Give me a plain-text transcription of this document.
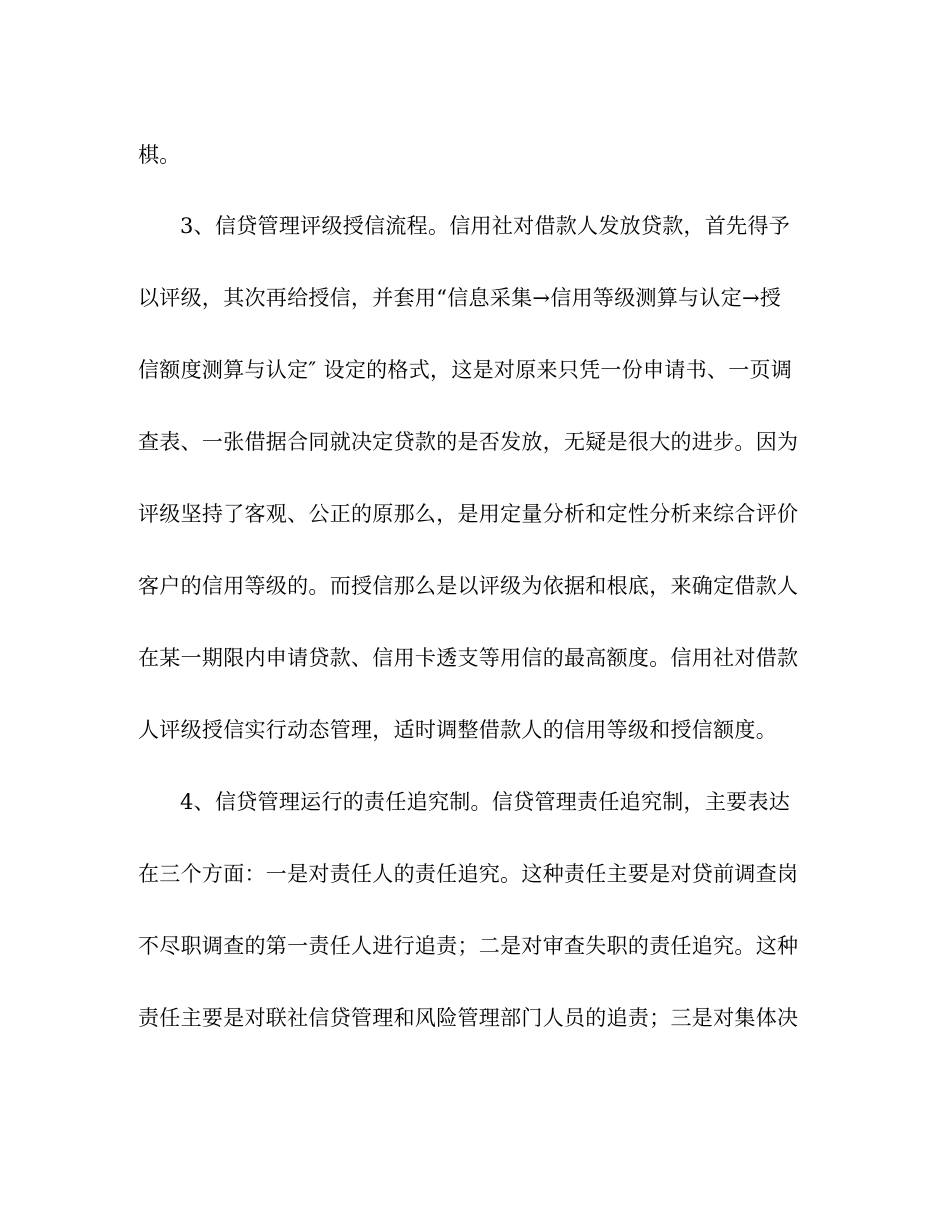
棋。
3、信贷管理评级授信流程。信用社对借款人发放贷款，首先得予
以评级，其次再给授信，并套用“信息采集→信用等级测算与认定→授
信额度测算与认定″ 设定的格式，这是对原来只凭一份申请书、一页调
查表、一张借据合同就决定贷款的是否发放，无疑是很大的进步。因为
评级坚持了客观、公正的原那么，是用定量分析和定性分析来综合评价
客户的信用等级的。而授信那么是以评级为依据和根底，来确定借款人
在某一期限内申请贷款、信用卡透支等用信的最高额度。信用社对借款
人评级授信实行动态管理，适时调整借款人的信用等级和授信额度。
4、信贷管理运行的责任追究制。信贷管理责任追究制，主要表达
在三个方面：一是对责任人的责任追究。这种责任主要是对贷前调查岗
不尽职调查的第一责任人进行追责；二是对审查失职的责任追究。这种
责任主要是对联社信贷管理和风险管理部门人员的追责；三是对集体决
